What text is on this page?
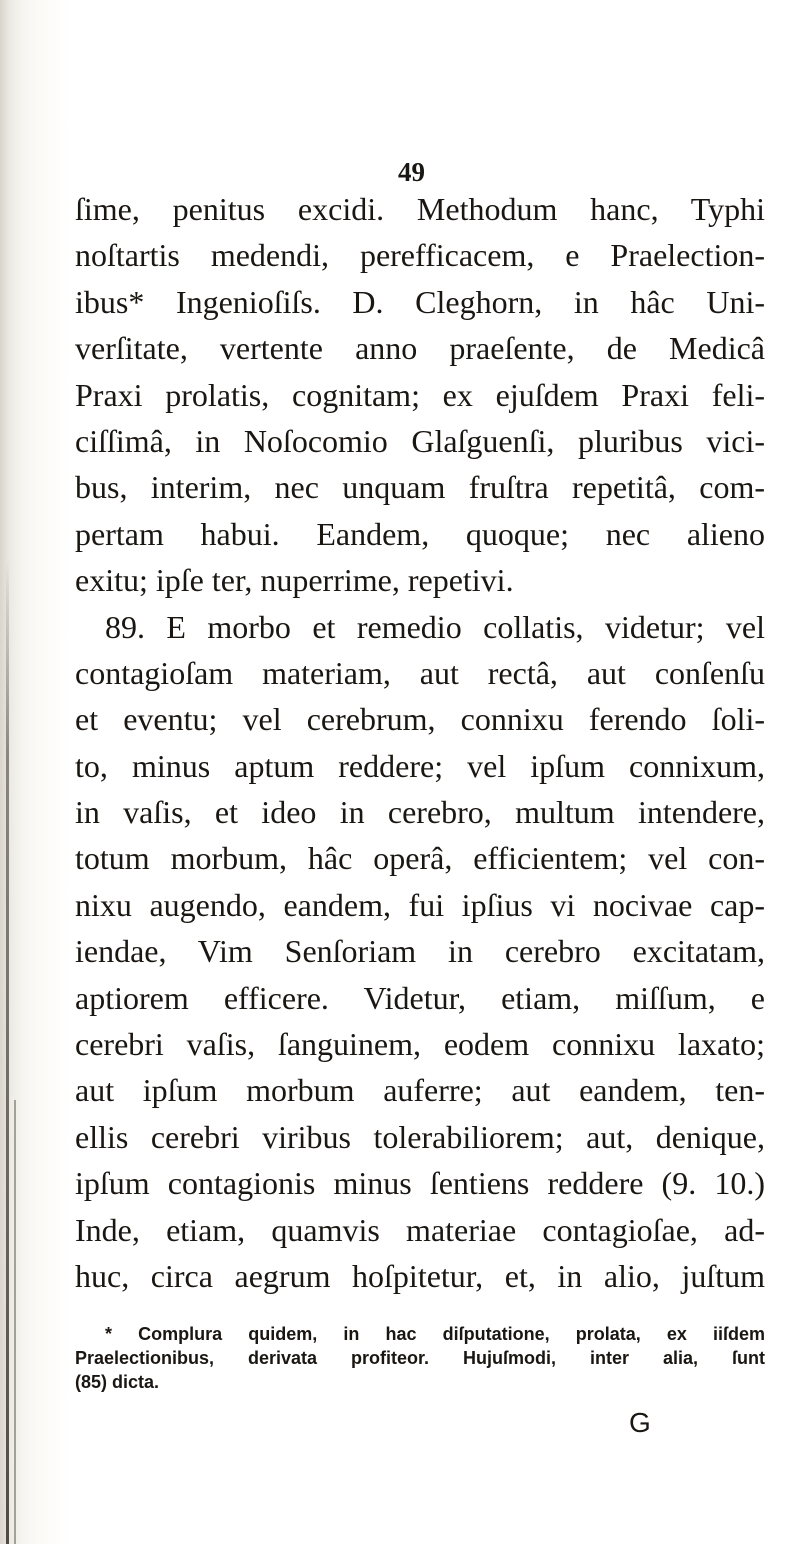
49
ſime, penitus excidi. Methodum hanc, Typhi
noſtartis medendi, perefficacem, e Praelection-
ibus* Ingenioſiſs. D. Cleghorn, in hâc Uni-
verſitate, vertente anno praeſente, de Medicâ
Praxi prolatis, cognitam; ex ejuſdem Praxi feli-
ciſſimâ, in Noſocomio Glaſguenſi, pluribus vici-
bus, interim, nec unquam fruſtra repetitâ, com-
pertam habui. Eandem, quoque; nec alieno
exitu; ipſe ter, nuperrime, repetivi.
89. E morbo et remedio collatis, videtur; vel
contagioſam materiam, aut rectâ, aut conſenſu
et eventu; vel cerebrum, connixu ferendo ſoli-
to, minus aptum reddere; vel ipſum connixum,
in vaſis, et ideo in cerebro, multum intendere,
totum morbum, hâc operâ, efficientem; vel con-
nixu augendo, eandem, fui ipſius vi nocivae cap-
iendae, Vim Senſoriam in cerebro excitatam,
aptiorem efficere. Videtur, etiam, miſſum, e
cerebri vaſis, ſanguinem, eodem connixu laxato;
aut ipſum morbum auferre; aut eandem, ten-
ellis cerebri viribus tolerabiliorem; aut, denique,
ipſum contagionis minus ſentiens reddere (9. 10.)
Inde, etiam, quamvis materiae contagioſae, ad-
huc, circa aegrum hoſpitetur, et, in alio, juſtum
* Complura quidem, in hac diſputatione, prolata, ex iiſdem
Praelectionibus, derivata profiteor. Hujuſmodi, inter alia, ſunt
(85) dicta.
G
